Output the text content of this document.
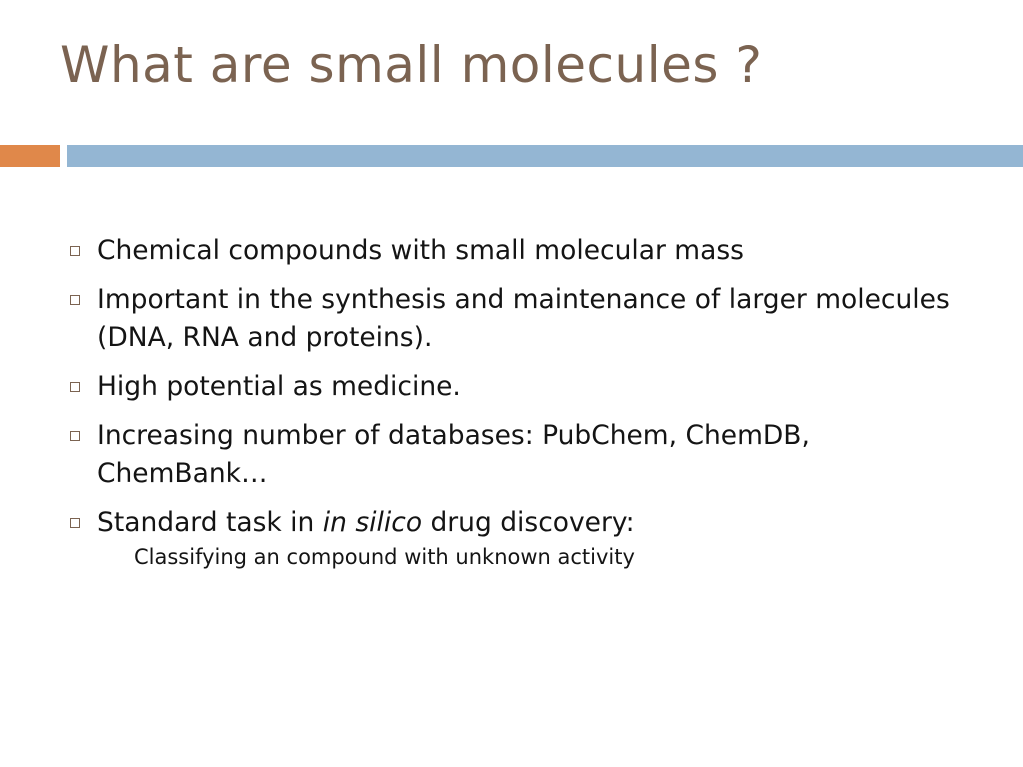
What are small molecules ?
Chemical compounds with small molecular mass
Important in the synthesis and maintenance of larger molecules (DNA, RNA and proteins).
High potential as medicine.
Increasing number of databases: PubChem, ChemDB, ChemBank…
Standard task in in silico drug discovery:
Classifying an compound with unknown activity
